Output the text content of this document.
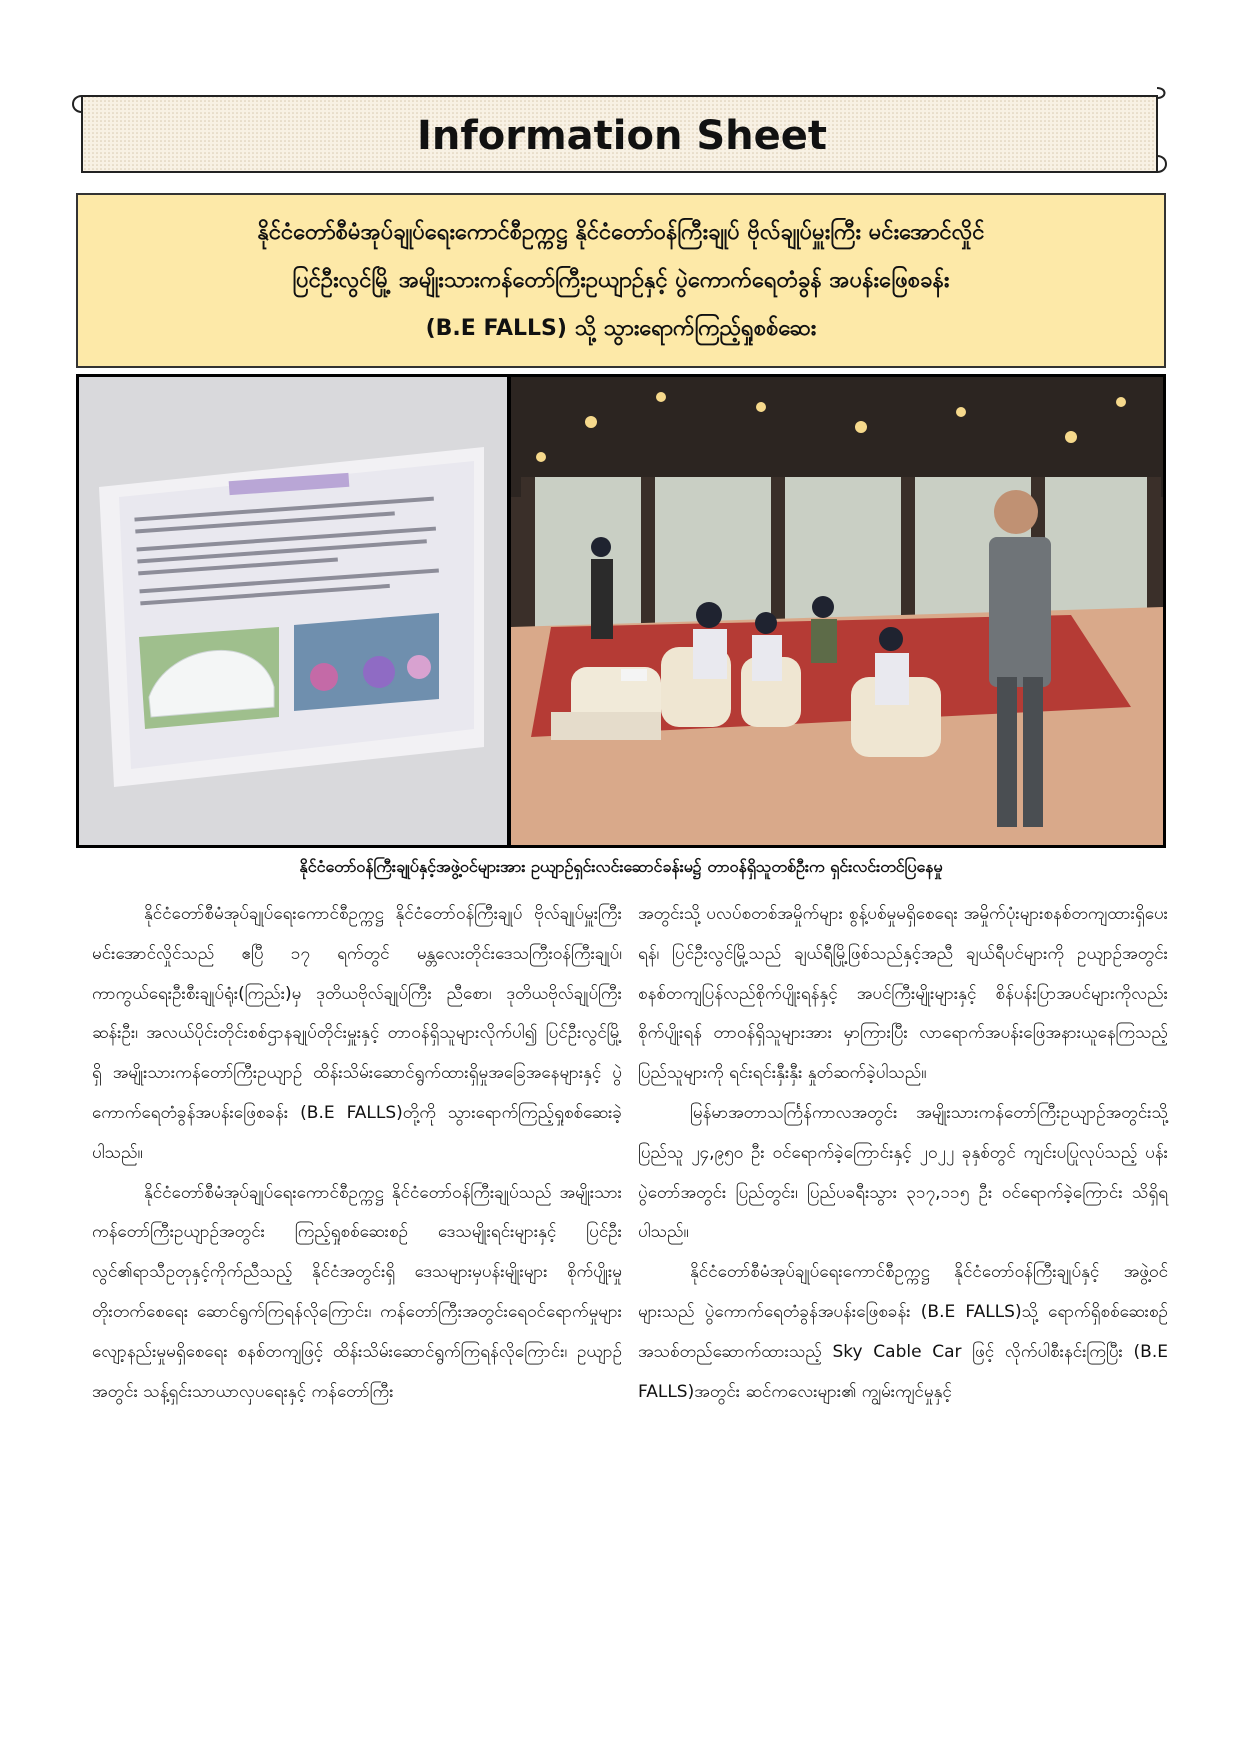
Information Sheet
နိုင်ငံတော်စီမံအုပ်ချုပ်ရေးကောင်စီဥက္ကဋ္ဌ နိုင်ငံတော်ဝန်ကြီးချုပ် ဗိုလ်ချုပ်မှူးကြီး မင်းအောင်လှိုင်
ပြင်ဦးလွင်မြို့ အမျိုးသားကန်တော်ကြီးဥယျာဉ်နှင့် ပွဲကောက်ရေတံခွန် အပန်းဖြေစခန်း
(B.E FALLS) သို့ သွားရောက်ကြည့်ရှုစစ်ဆေး
နိုင်ငံတော်ဝန်ကြီးချုပ်နှင့်အဖွဲ့ဝင်များအား ဥယျာဉ်ရှင်းလင်းဆောင်ခန်းမ၌ တာဝန်ရှိသူတစ်ဦးက ရှင်းလင်းတင်ပြနေမှု

နိုင်ငံတော်စီမံအုပ်ချုပ်ရေးကောင်စီဥက္ကဋ္ဌ နိုင်ငံတော်ဝန်ကြီးချုပ် ဗိုလ်ချုပ်မှူးကြီး မင်းအောင်လှိုင်သည် ဧပြီ ၁၇ ရက်တွင် မန္တလေးတိုင်းဒေသကြီးဝန်ကြီးချုပ်၊ ကာကွယ်ရေးဦးစီးချုပ်ရုံး(ကြည်း)မှ ဒုတိယဗိုလ်ချုပ်ကြီး ညီစော၊ ဒုတိယဗိုလ်ချုပ်ကြီး ဆန်းဦး၊ အလယ်ပိုင်းတိုင်းစစ်ဌာနချုပ်တိုင်းမှူးနှင့် တာဝန်ရှိသူများလိုက်ပါ၍ ပြင်ဦးလွင်မြို့ရှိ အမျိုးသားကန်တော်ကြီးဥယျာဉ် ထိန်းသိမ်းဆောင်ရွက်ထားရှိမှုအခြေအနေများနှင့် ပွဲကောက်ရေတံခွန်အပန်းဖြေစခန်း (B.E FALLS)တို့ကို သွားရောက်ကြည့်ရှုစစ်ဆေးခဲ့ပါသည်။

နိုင်ငံတော်စီမံအုပ်ချုပ်ရေးကောင်စီဥက္ကဋ္ဌ နိုင်ငံတော်ဝန်ကြီးချုပ်သည် အမျိုးသားကန်တော်ကြီးဥယျာဉ်အတွင်း ကြည့်ရှုစစ်ဆေးစဉ် ဒေသမျိုးရင်းများနှင့် ပြင်ဦးလွင်၏ရာသီဥတုနှင့်ကိုက်ညီသည့် နိုင်ငံအတွင်းရှိ ဒေသများမှပန်းမျိုးများ စိုက်ပျိုးမှုတိုးတက်စေရေး ဆောင်ရွက်ကြရန်လိုကြောင်း၊ ကန်တော်ကြီးအတွင်းရေဝင်ရောက်မှုများ လျော့နည်းမှုမရှိစေရေး စနစ်တကျဖြင့် ထိန်းသိမ်းဆောင်ရွက်ကြရန်လိုကြောင်း၊ ဥယျာဉ်အတွင်း သန့်ရှင်းသာယာလှပရေးနှင့် ကန်တော်ကြီး

အတွင်းသို့ ပလပ်စတစ်အမှိုက်များ စွန့်ပစ်မှုမရှိစေရေး အမှိုက်ပုံးများစနစ်တကျထားရှိပေးရန်၊ ပြင်ဦးလွင်မြို့သည် ချယ်ရီမြို့ဖြစ်သည်နှင့်အညီ ချယ်ရီပင်များကို ဥယျာဉ်အတွင်း စနစ်တကျပြန်လည်စိုက်ပျိုးရန်နှင့် အပင်ကြီးမျိုးများနှင့် စိန်ပန်းပြာအပင်များကိုလည်း စိုက်ပျိုးရန် တာဝန်ရှိသူများအား မှာကြားပြီး လာရောက်အပန်းဖြေအနားယူနေကြသည့် ပြည်သူများကို ရင်းရင်းနှီးနှီး နှုတ်ဆက်ခဲ့ပါသည်။

မြန်မာအတာသင်္ကြန်ကာလအတွင်း အမျိုးသားကန်တော်ကြီးဥယျာဉ်အတွင်းသို့ ပြည်သူ ၂၄,၉၅၀ ဦး ဝင်ရောက်ခဲ့ကြောင်းနှင့် ၂၀၂၂ ခုနှစ်တွင် ကျင်းပပြုလုပ်သည့် ပန်းပွဲတော်အတွင်း ပြည်တွင်း၊ ပြည်ပခရီးသွား ၃၁၇,၁၁၅ ဦး ဝင်ရောက်ခဲ့ကြောင်း သိရှိရပါသည်။

နိုင်ငံတော်စီမံအုပ်ချုပ်ရေးကောင်စီဥက္ကဋ္ဌ နိုင်ငံတော်ဝန်ကြီးချုပ်နှင့် အဖွဲ့ဝင်များသည် ပွဲကောက်ရေတံခွန်အပန်းဖြေစခန်း (B.E FALLS)သို့ ရောက်ရှိစစ်ဆေးစဉ် အသစ်တည်ဆောက်ထားသည့် Sky Cable Car ဖြင့် လိုက်ပါစီးနင်းကြပြီး (B.E FALLS)အတွင်း ဆင်ကလေးများ၏ ကျွမ်းကျင်မှုနှင့်
